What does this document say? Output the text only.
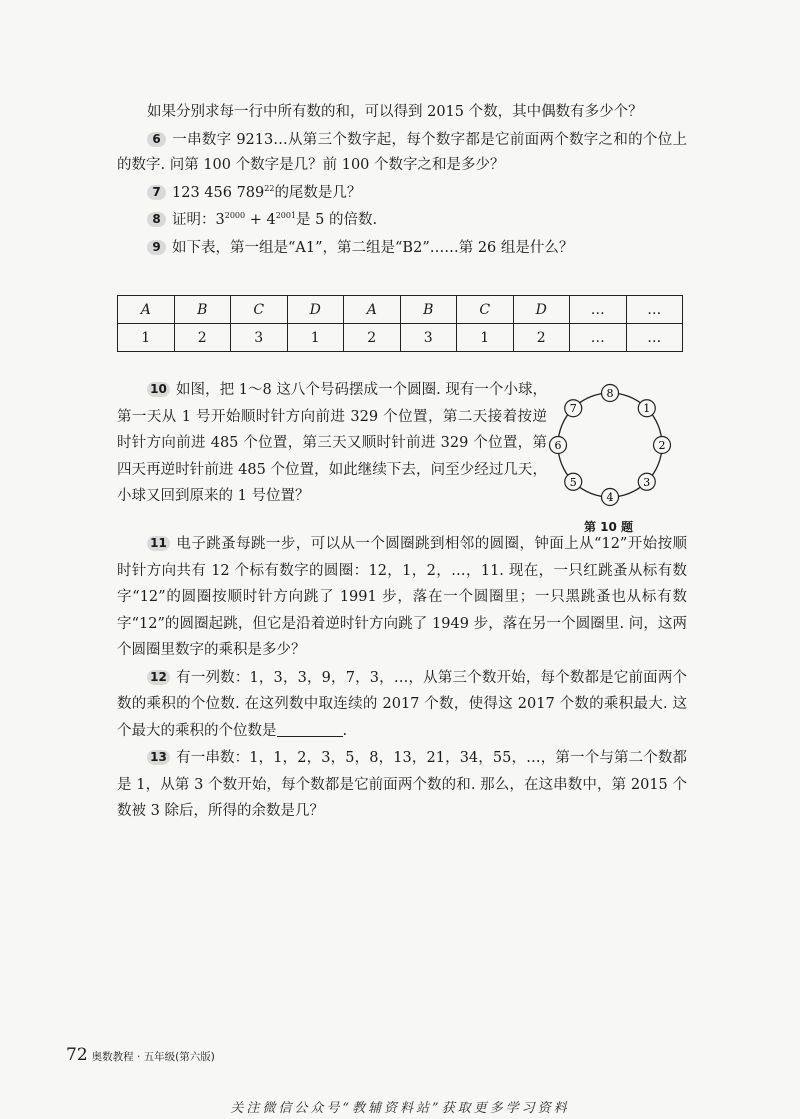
如果分别求每一行中所有数的和，可以得到 2015 个数，其中偶数有多少个？

6 一串数字 9213…从第三个数字起，每个数字都是它前面两个数字之和的个位上的数字. 问第 100 个数字是几？前 100 个数字之和是多少？

7 123 456 $789^{22}$的尾数是几？

8 证明：$3^{2000} + 4^{2001}$是 5 的倍数.

9 如下表，第一组是“A1”，第二组是“B2”……第 26 组是什么？

A	B	C	D	A	B	C	D	…	…
1	2	3	1	2	3	1	2	…	…
10 如图，把 1～8 这八个号码摆成一个圆圈. 现有一个小球，第一天从 1 号开始顺时针方向前进 329 个位置，第二天接着按逆时针方向前进 485 个位置，第三天又顺时针前进 329 个位置，第四天再逆时针前进 485 个位置，如此继续下去，问至少经过几天，小球又回到原来的 1 号位置？
8
1
2
3
4
5
6
7
第 10 题

11 电子跳蚤每跳一步，可以从一个圆圈跳到相邻的圆圈，钟面上从“12”开始按顺时针方向共有 12 个标有数字的圆圈：12，1，2，…，11. 现在，一只红跳蚤从标有数字“12”的圆圈按顺时针方向跳了 1991 步，落在一个圆圈里；一只黑跳蚤也从标有数字“12”的圆圈起跳，但它是沿着逆时针方向跳了 1949 步，落在另一个圆圈里. 问，这两个圆圈里数字的乘积是多少？

12 有一列数：1，3，3，9，7，3，…，从第三个数开始，每个数都是它前面两个数的乘积的个位数. 在这列数中取连续的 2017 个数，使得这 2017 个数的乘积最大. 这个最大的乘积的个位数是	.

13 有一串数：1，1，2，3，5，8，13，21，34，55，…，第一个与第二个数都是 1，从第 3 个数开始，每个数都是它前面两个数的和. 那么，在这串数中，第 2015 个数被 3 除后，所得的余数是几？

72 奥数教程 · 五年级(第六版)
关注微信公众号“教辅资料站”获取更多学习资料
